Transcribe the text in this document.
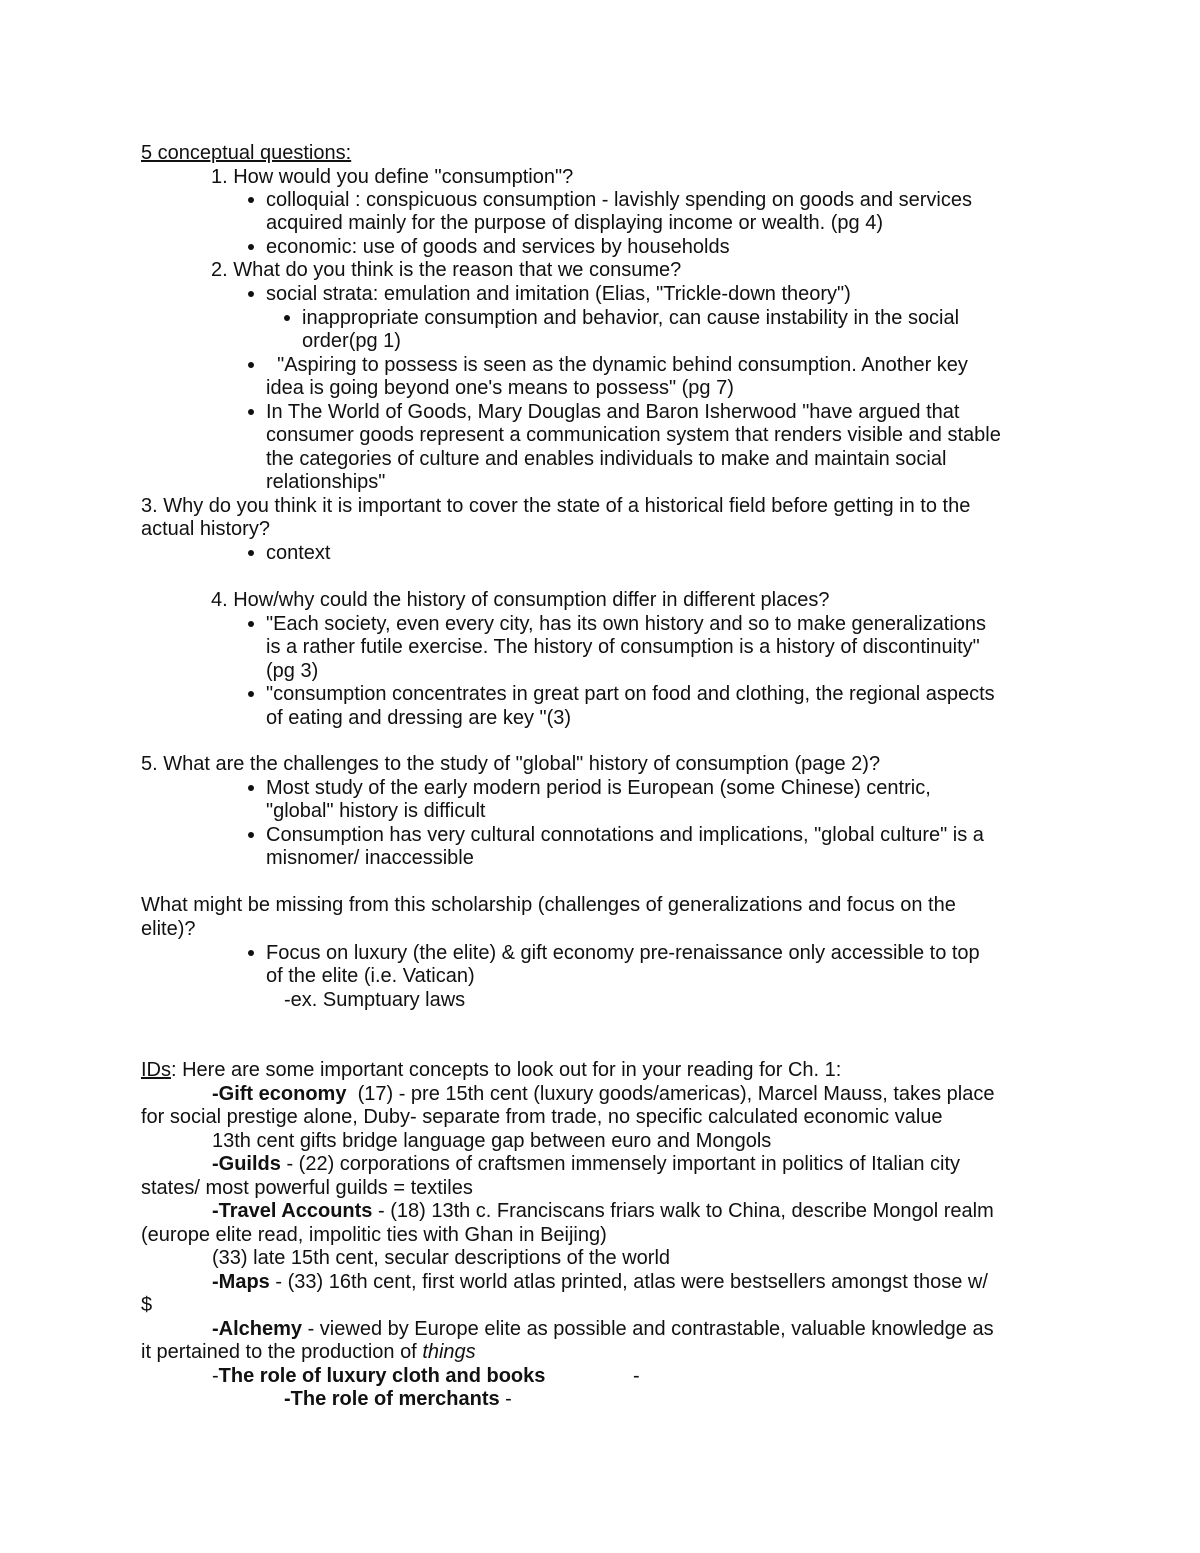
5 conceptual questions:
1. How would you define "consumption"?
colloquial : conspicuous consumption - lavishly spending on goods and services
acquired mainly for the purpose of displaying income or wealth. (pg 4)
economic: use of goods and services by households
2. What do you think is the reason that we consume?
social strata: emulation and imitation (Elias, "Trickle-down theory")
inappropriate consumption and behavior, can cause instability in the social
order(pg 1)
"Aspiring to possess is seen as the dynamic behind consumption. Another key
idea is going beyond one's means to possess" (pg 7)
In The World of Goods, Mary Douglas and Baron Isherwood "have argued that
consumer goods represent a communication system that renders visible and stable
the categories of culture and enables individuals to make and maintain social
relationships"
3. Why do you think it is important to cover the state of a historical field before getting in to the
actual history?
context
4. How/why could the history of consumption differ in different places?
"Each society, even every city, has its own history and so to make generalizations
is a rather futile exercise. The history of consumption is a history of discontinuity"
(pg 3)
"consumption concentrates in great part on food and clothing, the regional aspects
of eating and dressing are key "(3)
5. What are the challenges to the study of "global" history of consumption (page 2)?
Most study of the early modern period is European (some Chinese) centric,
"global" history is difficult
Consumption has very cultural connotations and implications, "global culture" is a
misnomer/ inaccessible
What might be missing from this scholarship (challenges of generalizations and focus on the
elite)?
Focus on luxury (the elite) & gift economy pre-renaissance only accessible to top
of the elite (i.e. Vatican)
-ex. Sumptuary laws
IDs: Here are some important concepts to look out for in your reading for Ch. 1:
-Gift economy  (17) - pre 15th cent (luxury goods/americas), Marcel Mauss, takes place
for social prestige alone, Duby- separate from trade, no specific calculated economic value
13th cent gifts bridge language gap between euro and Mongols
-Guilds - (22) corporations of craftsmen immensely important in politics of Italian city
states/ most powerful guilds = textiles
-Travel Accounts - (18) 13th c. Franciscans friars walk to China, describe Mongol realm
(europe elite read, impolitic ties with Ghan in Beijing)
(33) late 15th cent, secular descriptions of the world
-Maps - (33) 16th cent, first world atlas printed, atlas were bestsellers amongst those w/
$
-Alchemy - viewed by Europe elite as possible and contrastable, valuable knowledge as
it pertained to the production of things
-The role of luxury cloth and books	-
-The role of merchants -
